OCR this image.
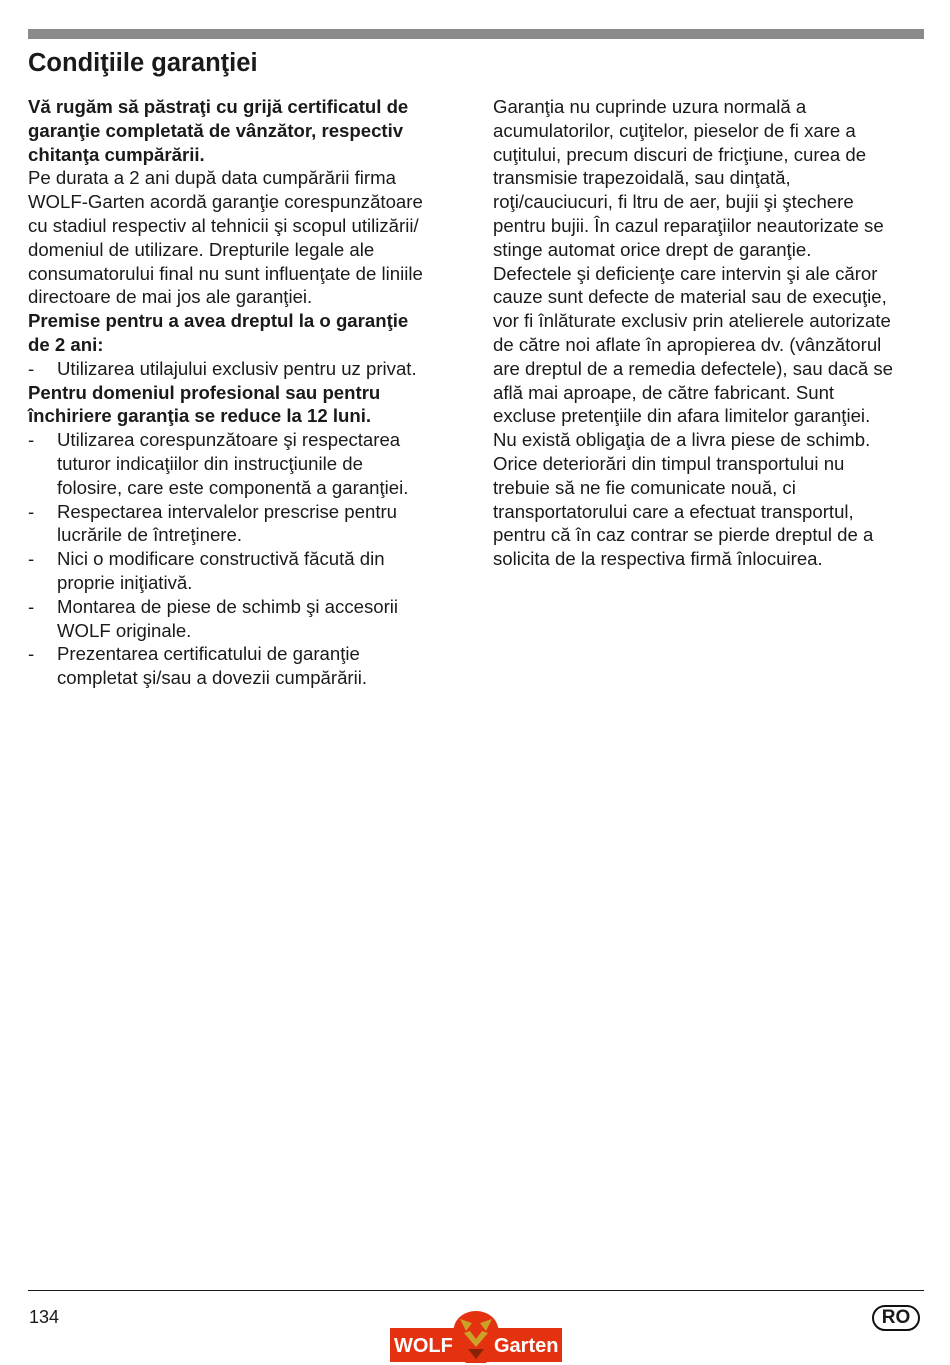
Condiţiile garanţiei
Vă rugăm să păstraţi cu grijă certificatul de
garanţie completată de vânzător, respectiv
chitanţa cumpărării.
Pe durata a 2 ani după data cumpărării firma
WOLF-Garten acordă garanţie corespunzătoare
cu stadiul respectiv al tehnicii şi scopul utilizării/
domeniul de utilizare. Drepturile legale ale
consumatorului final nu sunt influenţate de liniile
directoare de mai jos ale garanţiei.
Premise pentru a avea dreptul la o garanţie
de 2 ani:
- Utilizarea utilajului exclusiv pentru uz privat.
Pentru domeniul profesional sau pentru
închiriere garanţia se reduce la 12 luni.
- Utilizarea corespunzătoare şi respectarea
tuturor indicaţiilor din instrucţiunile de
folosire, care este componentă a garanţiei.
- Respectarea intervalelor prescrise pentru
lucrările de întreţinere.
- Nici o modificare constructivă făcută din
proprie iniţiativă.
- Montarea de piese de schimb şi accesorii
WOLF originale.
- Prezentarea certificatului de garanţie
completat şi/sau a dovezii cumpărării.
Garanţia nu cuprinde uzura normală a
acumulatorilor, cuţitelor, pieselor de fi xare a
cuţitului, precum discuri de fricţiune, curea de
transmisie trapezoidală, sau dinţată,
roţi/cauciucuri, fi ltru de aer, bujii şi ştechere
pentru bujii. În cazul reparaţiilor neautorizate se
stinge automat orice drept de garanţie.
Defectele şi deficienţe care intervin şi ale căror
cauze sunt defecte de material sau de execuţie,
vor fi înlăturate exclusiv prin atelierele autorizate
de către noi aflate în apropierea dv. (vânzătorul
are dreptul de a remedia defectele), sau dacă se
află mai aproape, de către fabricant. Sunt
excluse pretenţiile din afara limitelor garanţiei.
Nu există obligaţia de a livra piese de schimb.
Orice deteriorări din timpul transportului nu
trebuie să ne fie comunicate nouă, ci
transportatorului care a efectuat transportul,
pentru că în caz contrar se pierde dreptul de a
solicita de la respectiva firmă înlocuirea.
134
WOLF Garten
RO
